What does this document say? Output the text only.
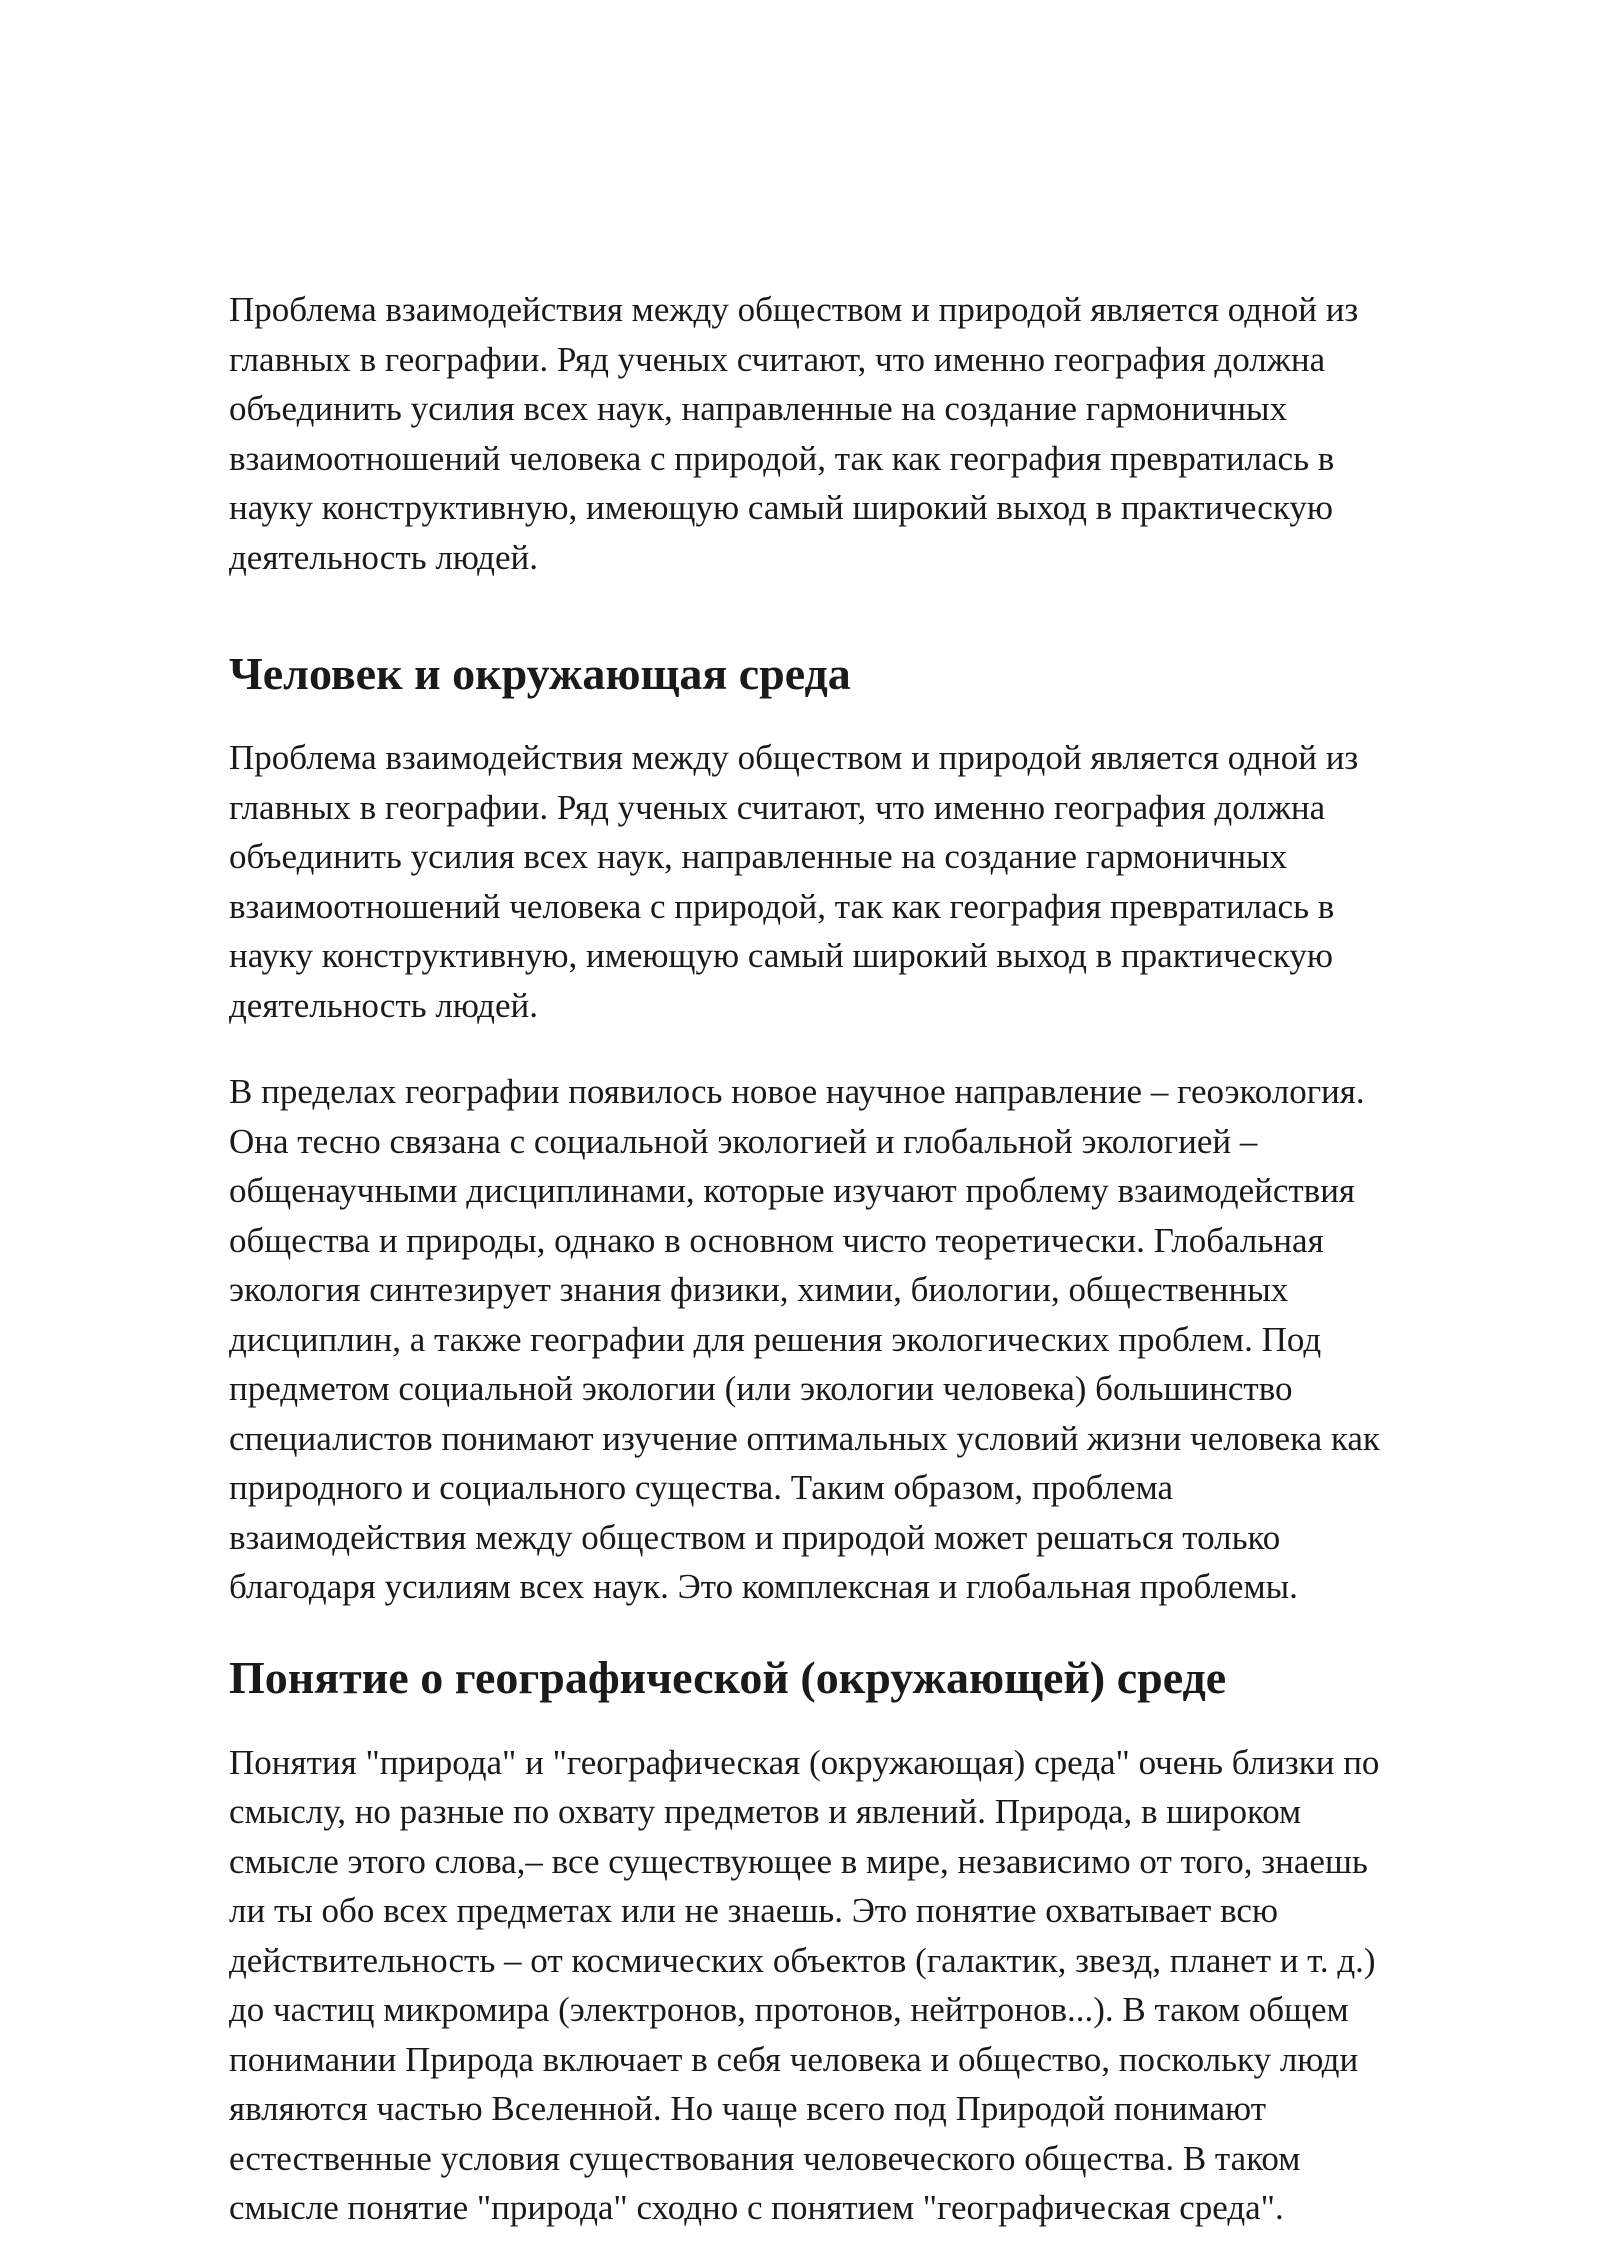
Проблема взаимодействия между обществом и природой является одной из
главных в географии. Ряд ученых считают, что именно география должна
объединить усилия всех наук, направленные на создание гармоничных
взаимоотношений человека с природой, так как география превратилась в
науку конструктивную, имеющую самый широкий выход в практическую
деятельность людей.

Человек и окружающая среда

Проблема взаимодействия между обществом и природой является одной из
главных в географии. Ряд ученых считают, что именно география должна
объединить усилия всех наук, направленные на создание гармоничных
взаимоотношений человека с природой, так как география превратилась в
науку конструктивную, имеющую самый широкий выход в практическую
деятельность людей.

В пределах географии появилось новое научное направление – геоэкология.
Она тесно связана с социальной экологией и глобальной экологией –
общенаучными дисциплинами, которые изучают проблему взаимодействия
общества и природы, однако в основном чисто теоретически. Глобальная
экология синтезирует знания физики, химии, биологии, общественных
дисциплин, а также географии для решения экологических проблем. Под
предметом социальной экологии (или экологии человека) большинство
специалистов понимают изучение оптимальных условий жизни человека как
природного и социального существа. Таким образом, проблема
взаимодействия между обществом и природой может решаться только
благодаря усилиям всех наук. Это комплексная и глобальная проблемы.

Понятие о географической (окружающей) среде

Понятия "природа" и "географическая (окружающая) среда" очень близки по
смыслу, но разные по охвату предметов и явлений. Природа, в широком
смысле этого слова,– все существующее в мире, независимо от того, знаешь
ли ты обо всех предметах или не знаешь. Это понятие охватывает всю
действительность – от космических объектов (галактик, звезд, планет и т. д.)
до частиц микромира (электронов, протонов, нейтронов...). В таком общем
понимании Природа включает в себя человека и общество, поскольку люди
являются частью Вселенной. Но чаще всего под Природой понимают
естественные условия существования человеческого общества. В таком
смысле понятие "природа" сходно с понятием "географическая среда".
